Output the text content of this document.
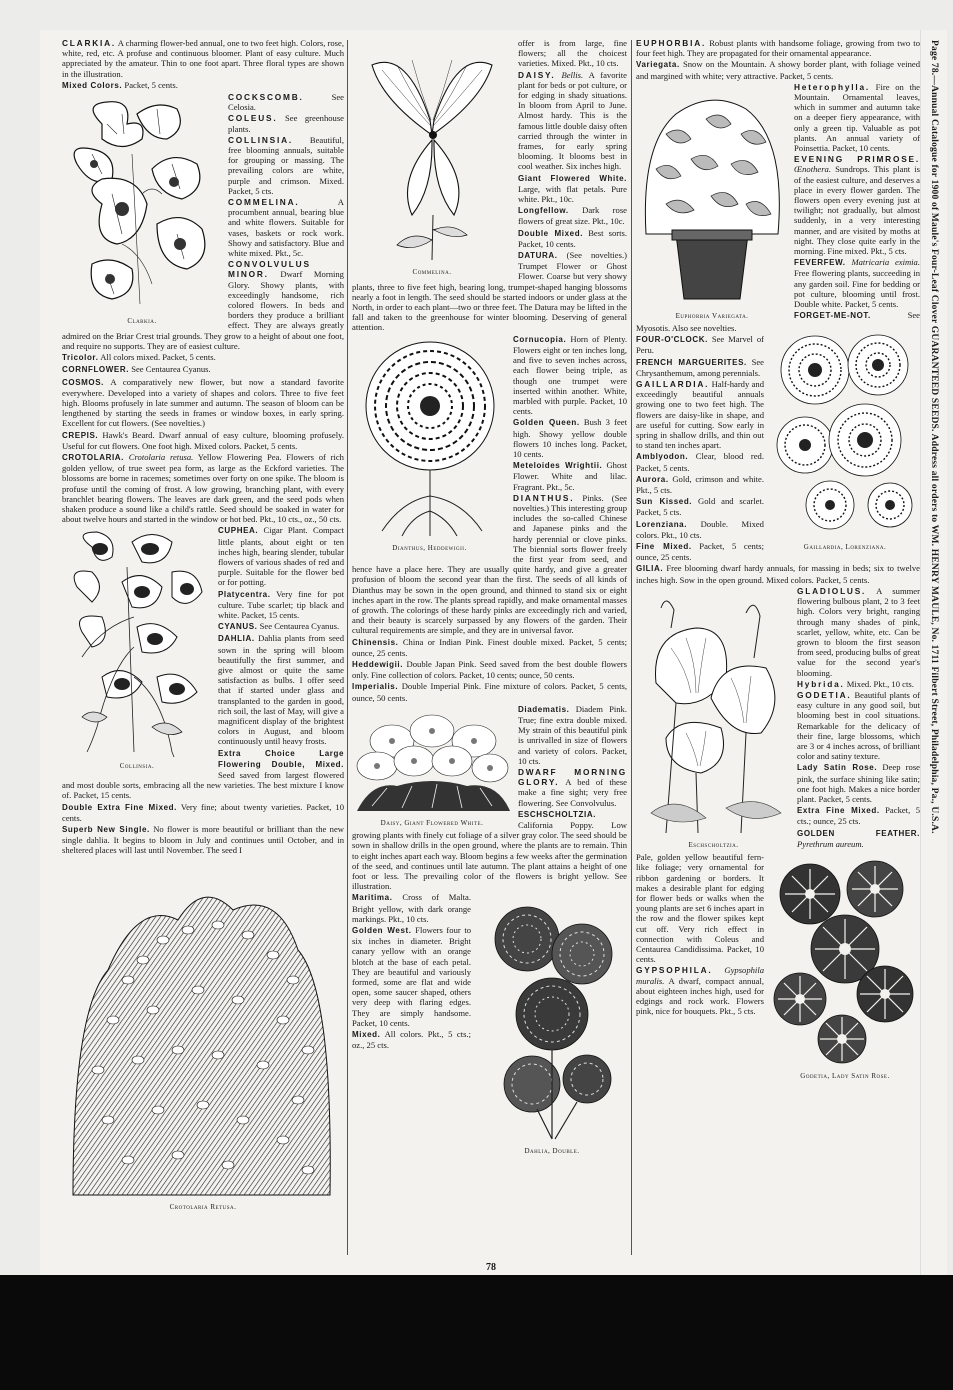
CLARKIA. A charming flower-bed annual, one to two feet high. Colors, rose, white, red, etc. A profuse and continuous bloomer. Plant of easy culture. Much appreciated by the amateur. Thin to one foot apart. Three floral types are shown in the illustration.
Mixed Colors. Packet, 5 cents.
Clarkia.
COCKSCOMB.	See Celosia.
COLEUS. See greenhouse plants.
COLLINSIA. Beautiful, free blooming annuals, suitable for grouping or massing. The prevailing colors are white, purple and crimson. Mixed. Packet, 5 cts.
COMMELINA.	A procumbent annual, bearing blue and white flowers. Suitable for vases, baskets or rock work. Showy and satisfactory. Blue and white mixed. Pkt., 5c.
CONVOLVULUS MINOR. Dwarf Morning Glory. Showy plants, with exceedingly handsome, rich colored flowers. In beds and borders they produce a brilliant effect. They are always greatly admired on the Briar Crest trial grounds. They grow to a height of about one foot, and require no supports. They are of easiest culture.
Tricolor. All colors mixed. Packet, 5 cents.
CORNFLOWER. See Centaurea Cyanus.
COSMOS. A comparatively new flower, but now a standard favorite everywhere. Developed into a variety of shapes and colors. Three to five feet high. Blooms profusely in late summer and autumn. The season of bloom can be lengthened by starting the seeds in frames or window boxes, in early spring. Excellent for cut flowers. (See novelties.)
CREPIS. Hawk's Beard. Dwarf annual of easy culture, blooming profusely. Useful for cut flowers. One foot high. Mixed colors. Packet, 5 cents.
CROTOLARIA. Crotolaria retusa. Yellow Flowering Pea. Flowers of rich golden yellow, of true sweet pea form, as large as the Eckford varieties. The blossoms are borne in racemes; sometimes over forty on one spike. The bloom is profuse until the coming of frost. A low growing, branching plant, with every branchlet bearing flowers. The leaves are dark green, and the seed pods when shaken produce a sound like a child's rattle. Seed should be soaked in water for about twelve hours and started in the window or hot bed. Pkt., 10 cts., oz., 50 cts.
Collinsia.
CUPHEA. Cigar Plant. Compact little plants, about eight or ten inches high, bearing slender, tubular flowers of various shades of red and purple. Suitable for the flower bed or for potting.
Platycentra. Very fine for pot culture. Tube scarlet; tip black and white. Packet, 15 cents.
CYANUS. See Centaurea Cyanus.
DAHLIA. Dahlia plants from seed sown in the spring will bloom beautifully the first summer, and give almost or quite the same satisfaction as bulbs. I offer seed that if started under glass and transplanted to the garden in good, rich soil, the last of May, will give a magnificent display of the brightest colors in August, and bloom continuously until heavy frosts.
Extra Choice Large Flowering Double, Mixed. Seed saved from largest flowered and most double sorts, embracing all the new varieties. The best mixture I know of. Packet, 15 cents.
Double Extra Fine Mixed. Very fine; about twenty varieties. Packet, 10 cents.
Superb New Single. No flower is more beautiful or brilliant than the new single dahlia. It begins to bloom in July and continues until October, and in sheltered places will last until November. The seed I
Crotolaria Retusa.
Commelina.
offer is from large, fine flowers; all the choicest varieties. Mixed. Pkt., 10 cts.
DAISY. Bellis. A favorite plant for beds or pot culture, or for edging in shady situations. In bloom from April to June. Almost hardy. This is the famous little double daisy often carried through the winter in frames, for early spring blooming. It blooms best in cool weather. Six inches high.
Giant Flowered White. Large, with flat petals. Pure white. Pkt., 10c.
Longfellow. Dark rose flowers of great size. Pkt., 10c.
Double Mixed. Best sorts. Packet, 10 cents.
DATURA. (See novelties.) Trumpet Flower or Ghost Flower. Coarse but very showy plants, three to five feet high, bearing long, trumpet-shaped hanging blossoms nearly a foot in length. The seed should be started indoors or under glass at the North, in order to each plant—two or three feet. The Datura may be lifted in the fall and taken to the greenhouse for winter blooming. Deserving of general attention.
Dianthus, Heddewigii.
Cornucopia. Horn of Plenty. Flowers eight or ten inches long, and five to seven inches across, each flower being triple, as though one trumpet were inserted within another. White, marbled with purple. Packet, 10 cents.
Golden Queen. Bush 3 feet high. Showy yellow double flowers 10 inches long. Packet, 10 cents.
Meteloides Wrightii. Ghost Flower. White and lilac. Fragrant. Pkt., 5c.
DIANTHUS. Pinks. (See novelties.) This interesting group includes the so-called Chinese and Japanese pinks and the hardy perennial or clove pinks. The biennial sorts flower freely the first year from seed, and hence have a place here. They are usually quite hardy, and give a greater profusion of bloom the second year than the first. The seeds of all kinds of Dianthus may be sown in the open ground, and thinned to stand six or eight inches apart in the row. The plants spread rapidly, and make ornamental masses of growth. The colorings of these hardy pinks are exceedingly rich and varied, and their beauty is scarcely surpassed by any flowers of the garden. Their cultural requirements are simple, and they are in universal favor.
Chinensis. China or Indian Pink. Finest double mixed. Packet, 5 cents; ounce, 25 cents.
Heddewigii. Double Japan Pink. Seed saved from the best double flowers only. Fine collection of colors. Packet, 10 cents; ounce, 50 cents.
Imperialis. Double Imperial Pink. Fine mixture of colors. Packet, 5 cents, ounce, 50 cents.
Daisy, Giant Flowered White.
Diadematis. Diadem Pink. True; fine extra double mixed. My strain of this beautiful pink is unrivalled in size of flowers and variety of colors. Packet, 10 cts.
DWARF MORNING GLORY. A bed of these make a fine sight; very free flowering. See Convolvulus.
ESCHSCHOLTZIA. California Poppy. Low growing plants with finely cut foliage of a silver gray color. The seed should be sown in shallow drills in the open ground, where the plants are to remain. Thin to eight inches apart each way. Bloom begins a few weeks after the germination of the seed, and continues until late autumn. The plant attains a height of one foot or less. The prevailing color of the flowers is bright yellow. See illustration.
Dahlia, Double.
Maritima. Cross of Malta. Bright yellow, with dark orange markings. Pkt., 10 cts.
Golden West. Flowers four to six inches in diameter. Bright canary yellow with an orange blotch at the base of each petal. They are beautiful and variously formed, some are flat and wide open, some saucer shaped, others very deep with flaring edges. They are simply handsome. Packet, 10 cents.
Mixed. All colors. Pkt., 5 cts.; oz., 25 cts.
EUPHORBIA. Robust plants with handsome foliage, growing from two to four feet high. They are propagated for their ornamental appearance.
Variegata. Snow on the Mountain. A showy border plant, with foliage veined and margined with white; very attractive. Packet, 5 cents.
Euphorbia Variegata.
Heterophylla. Fire on the Mountain. Ornamental leaves, which in summer and autumn take on a deeper fiery appearance, with only a green tip. Valuable as pot plants. An annual variety of Poinsettia. Packet, 10 cents.
EVENING PRIMROSE. Œnothera. Sundrops. This plant is of the easiest culture, and deserves a place in every flower garden. The flowers open every evening just at twilight; not gradually, but almost suddenly, in a very interesting manner, and are visited by moths at night. They close quite early in the morning. Fine mixed. Pkt., 5 cts.
FEVERFEW. Matricaria eximia. Free flowering plants, succeeding in any garden soil. Fine for bedding or pot culture, blooming until frost. Double white. Packet, 5 cents.
Gaillardia, Lorenziana.
FORGET-ME-NOT.	See Myosotis. Also see novelties.
FOUR-O'CLOCK. See Marvel of Peru.
FRENCH MARGUERITES. See Chrysanthemum, among perennials.
GAILLARDIA. Half-hardy and exceedingly beautiful annuals growing one to two feet high. The flowers are daisy-like in shape, and are useful for cutting. Sow early in spring in shallow drills, and thin out to stand ten inches apart.
Amblyodon. Clear, blood red. Packet, 5 cents.
Aurora. Gold, crimson and white. Pkt., 5 cts.
Sun Kissed. Gold and scarlet. Packet, 5 cts.
Lorenziana. Double. Mixed colors. Pkt., 10 cts.
Fine Mixed. Packet, 5 cents; ounce, 25 cents.
GILIA. Free blooming dwarf hardy annuals, for massing in beds; six to twelve inches high. Sow in the open ground. Mixed colors. Packet, 5 cents.
Eschscholtzia.
GLADIOLUS. A summer flowering bulbous plant, 2 to 3 feet high. Colors very bright, ranging through many shades of pink, scarlet, yellow, white, etc. Can be grown to bloom the first season from seed, producing bulbs of great value for the second year's blooming.
Hybrida. Mixed. Pkt., 10 cts.
GODETIA. Beautiful plants of easy culture in any good soil, but blooming best in cool situations. Remarkable for the delicacy of their fine, large blossoms, which are 3 or 4 inches across, of brilliant color and satiny texture.
Lady Satin Rose. Deep rose pink, the surface shining like satin; one foot high. Makes a nice border plant. Packet, 5 cents.
Extra Fine Mixed. Packet, 5 cts.; ounce, 25 cts.
GOLDEN FEATHER. Pyrethrum aureum.
Godetia, Lady Satin Rose.
Pale, golden yellow beautiful fern-like foliage; very ornamental for ribbon gardening or borders. It makes a desirable plant for edging for flower beds or walks when the young plants are set 6 inches apart in the row and the flower spikes kept cut off. Very rich effect in connection with Coleus and Centaurea Candidissima. Packet, 10 cents.
GYPSOPHILA. Gypsophila muralis. A dwarf, compact annual, about eighteen inches high, used for edgings and rock work. Flowers pink, nice for bouquets. Pkt., 5 cts.
78
Page 78.—Annual Catalogue for 1900 of Maule's Four-Leaf Clover GUARANTEED SEEDS. Address all orders to WM. HENRY MAULE, No. 1711 Filbert Street, Philadelphia, Pa., U.S.A.
